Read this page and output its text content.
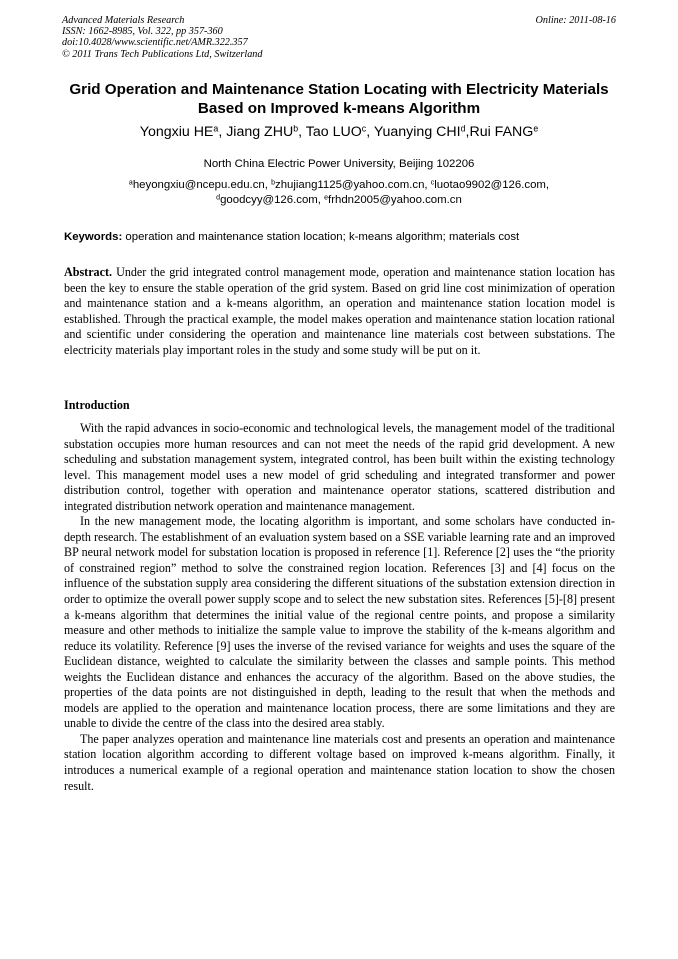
Advanced Materials Research
ISSN: 1662-8985, Vol. 322, pp 357-360
doi:10.4028/www.scientific.net/AMR.322.357
© 2011 Trans Tech Publications Ltd, Switzerland
Online: 2011-08-16
Grid Operation and Maintenance Station Locating with Electricity Materials Based on Improved k-means Algorithm
Yongxiu $HE^a$, Jiang ZHU$^b$, Tao LUO$^c$, Yuanying CHI$^d$,Rui FANG$^e$
North China Electric Power University, Beijing 102206
$^a$heyongxiu@ncepu.edu.cn, $^b$zhujiang1125@yahoo.com.cn, $^c$luotao9902@126.com,
$^d$goodcyy@126.com, $^e$frhdn2005@yahoo.com.cn
Keywords: operation and maintenance station location; k-means algorithm; materials cost
Abstract. Under the grid integrated control management mode, operation and maintenance station location has been the key to ensure the stable operation of the grid system. Based on grid line cost minimization of operation and maintenance station and a k-means algorithm, an operation and maintenance station location model is established. Through the practical example, the model makes operation and maintenance station location rational and scientific under considering the operation and maintenance line materials cost between substations. The electricity materials play important roles in the study and some study will be put on it.
Introduction

With the rapid advances in socio-economic and technological levels, the management model of the traditional substation occupies more human resources and can not meet the needs of the rapid grid development. A new scheduling and substation management system, integrated control, has been built within the existing technology level. This management model uses a new model of grid scheduling and integrated transformer and power distribution control, together with operation and maintenance operator stations, scattered distribution and integrated distribution network operation and maintenance management.

In the new management mode, the locating algorithm is important, and some scholars have conducted in-depth research. The establishment of an evaluation system based on a SSE variable learning rate and an improved BP neural network model for substation location is proposed in reference [1]. Reference [2] uses the “the priority of constrained region” method to solve the constrained region location. References [3] and [4] focus on the influence of the substation supply area considering the different situations of the substation extension direction in order to optimize the overall power supply scope and to select the new substation sites. References [5]-[8] present a k-means algorithm that determines the initial value of the regional centre points, and propose a similarity measure and other methods to initialize the sample value to improve the stability of the k-means algorithm and reduce its volatility. Reference [9] uses the inverse of the revised variance for weights and uses the square of the Euclidean distance, weighted to calculate the similarity between the classes and sample points. This method weights the Euclidean distance and enhances the accuracy of the algorithm. Based on the above studies, the properties of the data points are not distinguished in depth, leading to the result that when the methods and models are applied to the operation and maintenance location process, there are some limitations and they are unable to divide the centre of the class into the desired area stably.

The paper analyzes operation and maintenance line materials cost and presents an operation and maintenance station location algorithm according to different voltage based on improved k-means algorithm. Finally, it introduces a numerical example of a regional operation and maintenance station location to show the chosen result.
